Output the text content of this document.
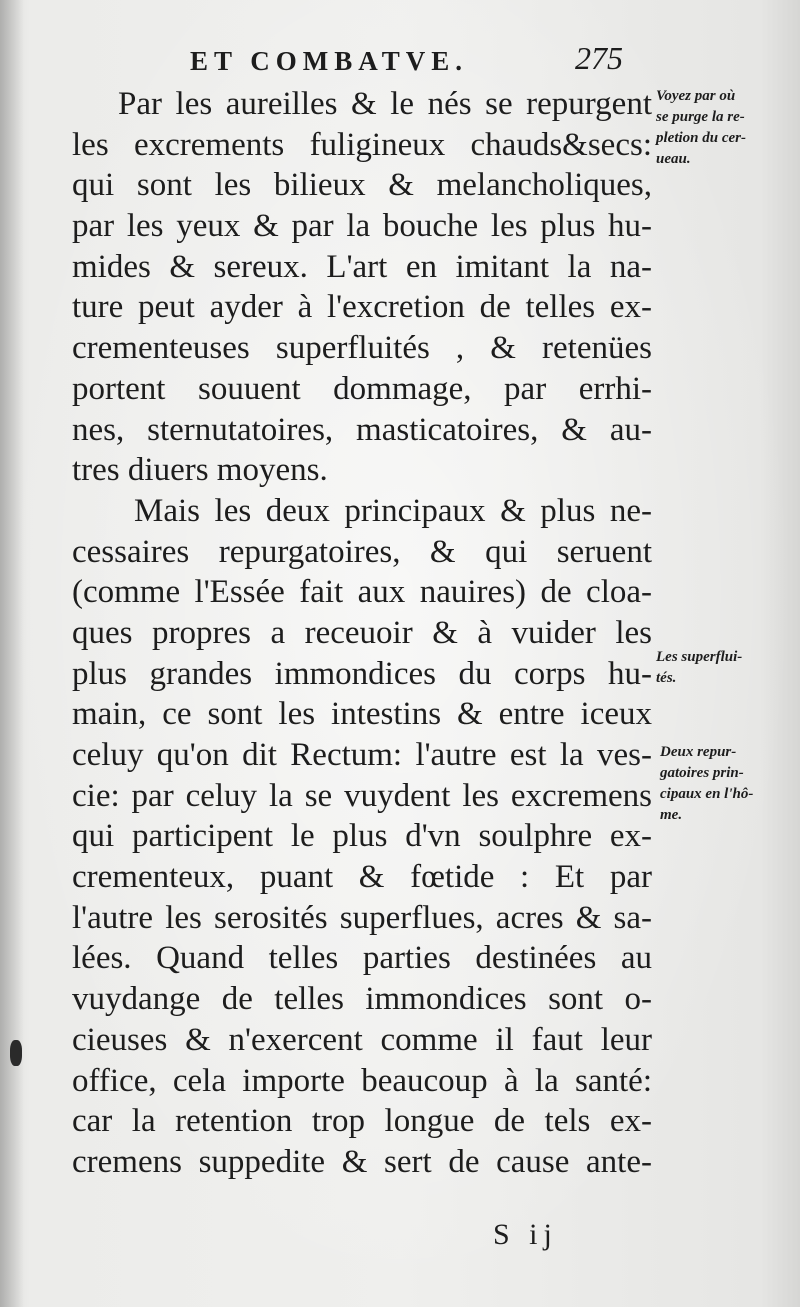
ET COMBATVE.	275
Par les aureilles & le nés se repurgent
les excrements fuligineux chauds&secs:
qui sont les bilieux & melancholiques,
par les yeux & par la bouche les plus hu-
mides & sereux. L'art en imitant la na-
ture peut ayder à l'excretion de telles ex-
crementeuses superfluités , & retenües
portent souuent dommage, par errhi-
nes, sternutatoires, masticatoires, & au-
tres diuers moyens.
Mais les deux principaux & plus ne-
cessaires repurgatoires, & qui seruent
(comme l'Essée fait aux nauires) de cloa-
ques propres a receuoir & à vuider les
plus grandes immondices du corps hu-
main, ce sont les intestins & entre iceux
celuy qu'on dit Rectum: l'autre est la ves-
cie: par celuy la se vuydent les excremens
qui participent le plus d'vn soulphre ex-
crementeux, puant & fœtide : Et par
l'autre les serosités superflues, acres & sa-
lées. Quand telles parties destinées au
vuydange de telles immondices sont o-
cieuses & n'exercent comme il faut leur
office, cela importe beaucoup à la santé:
car la retention trop longue de tels ex-
cremens suppedite & sert de cause ante-
Voyez par où
se purge la re-
pletion du cer-
ueau.
Les superflui-
tés.
Deux repur-
gatoires prin-
cipaux en l'hô-
me.
S ij
